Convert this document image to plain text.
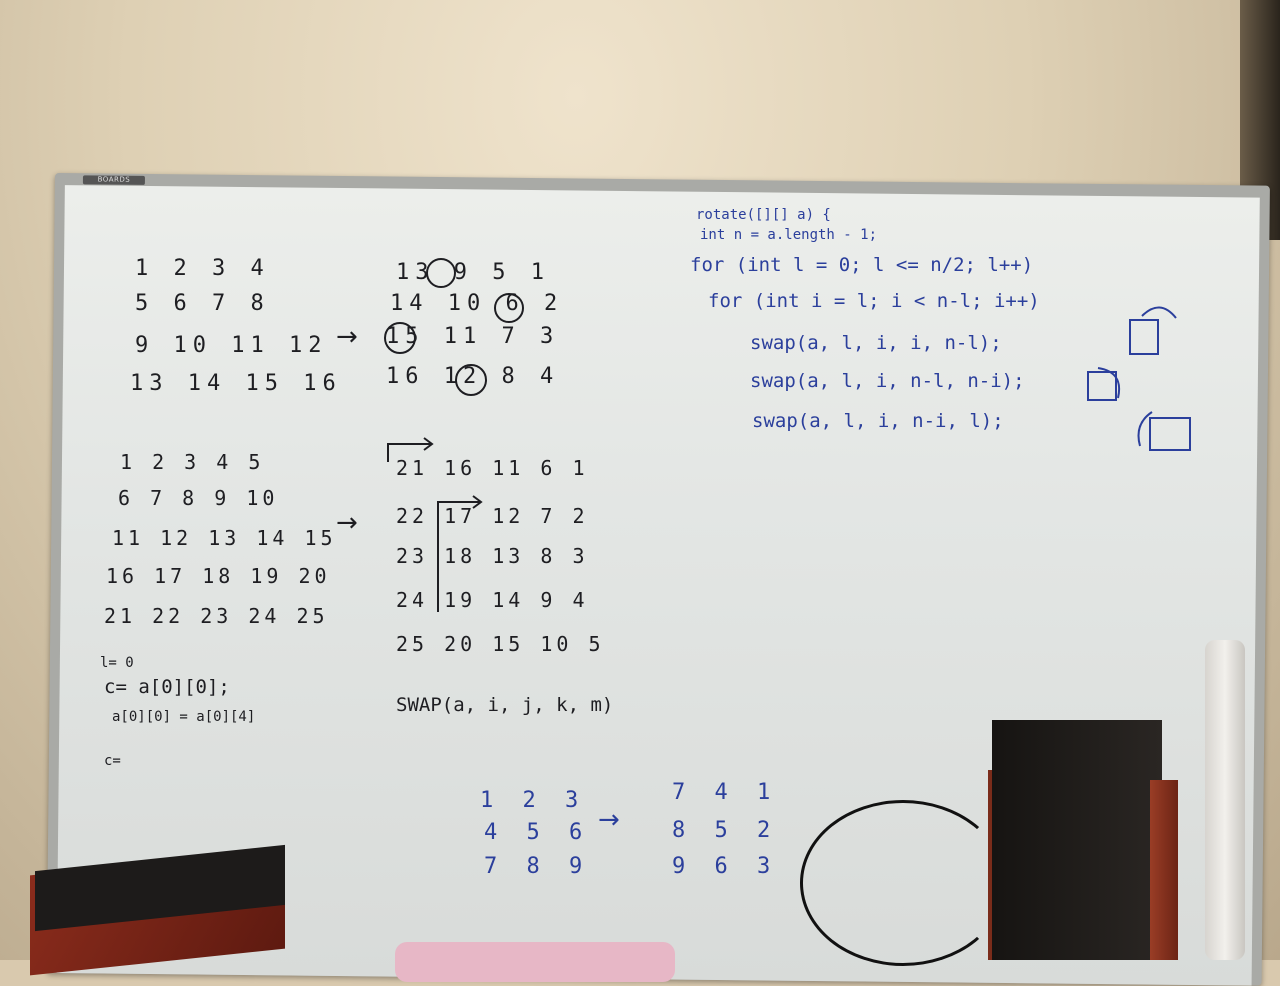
BOARDS
1 2 3 4
5 6 7 8
9 10 11 12
13 14 15 16
→
13 9 5 1
14 10 6 2
15 11 7 3
16 12 8 4
1 2 3 4 5
6 7 8 9 10
11 12 13 14 15
16 17 18 19 20
21 22 23 24 25
→
21 16 11 6 1
22 17 12 7 2
23 18 13 8 3
24 19 14 9 4
25 20 15 10 5
l= 0
c= a[0][0];
a[0][0] = a[0][4]
c=
SWAP(a, i, j, k, m)
1 2 3
4 5 6
7 8 9
→
7 4 1
8 5 2
9 6 3
rotate([][] a) {
int n = a.length - 1;
for (int l = 0; l <= n/2; l++)
for (int i = l; i < n-l; i++)
swap(a, l, i, i, n-l);
swap(a, l, i, n-l, n-i);
swap(a, l, i, n-i, l);
